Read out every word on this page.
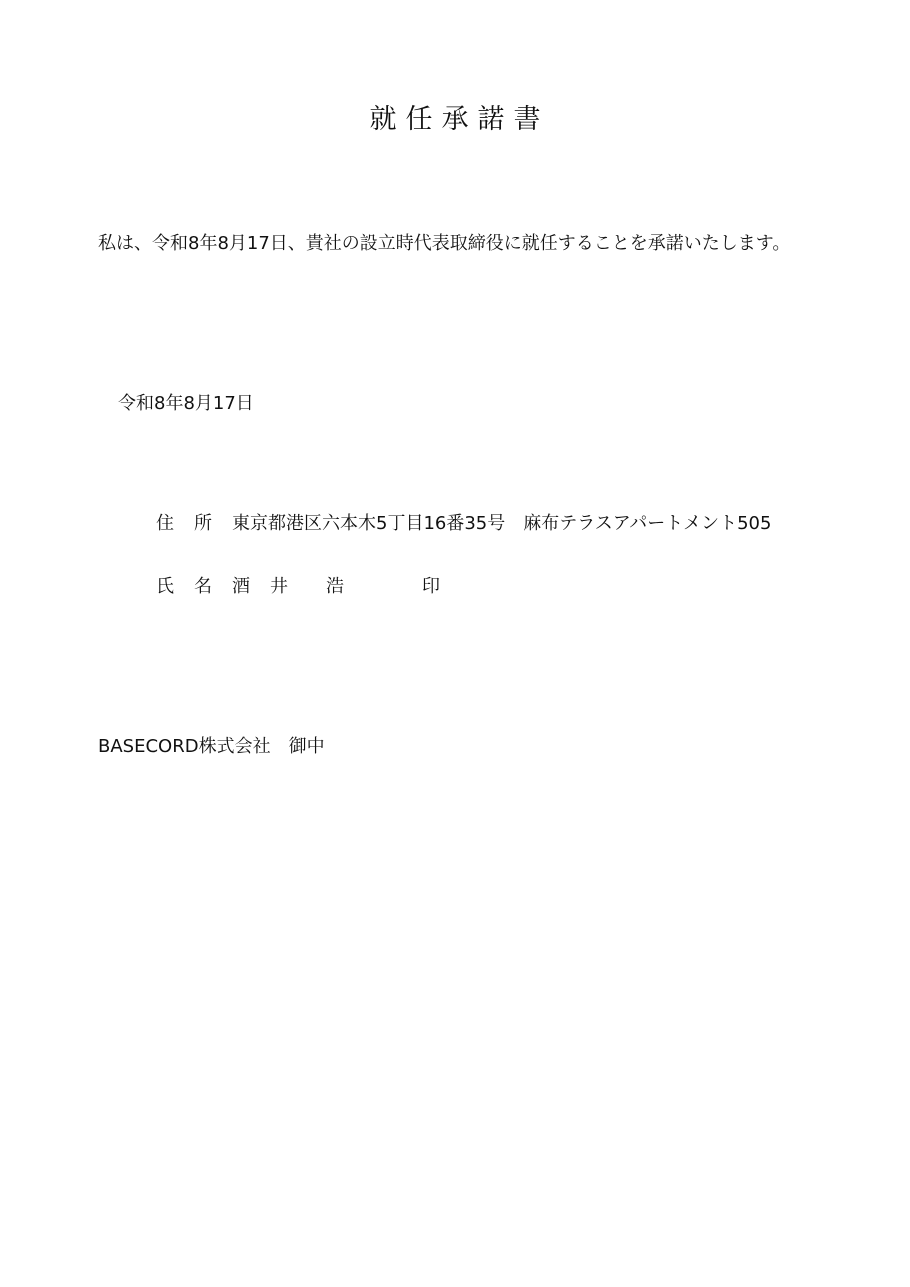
就任承諾書
私は、令和8年8月17日、貴社の設立時代表取締役に就任することを承諾いたします。
令和8年8月17日
住 所 東京都港区六本木5丁目16番35号　麻布テラスアパートメント505
氏 名 酒 井 浩	印
BASECORD株式会社　御中
